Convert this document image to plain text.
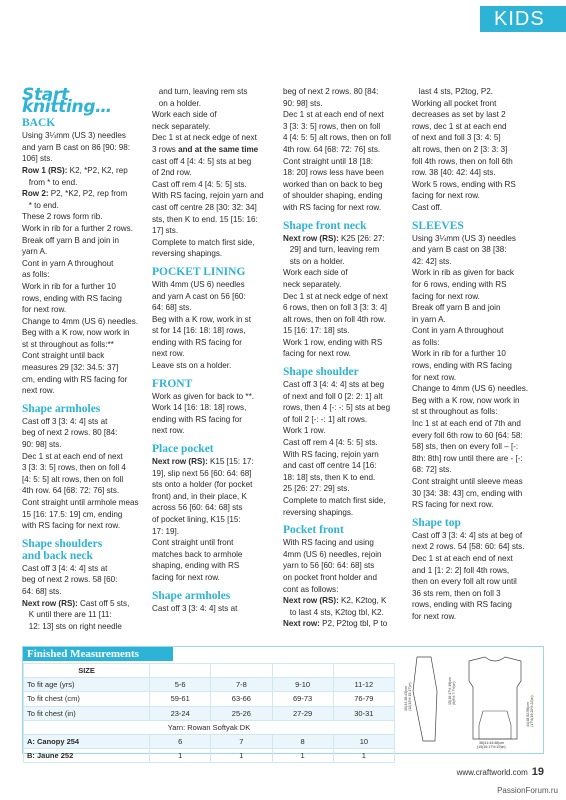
KIDS
Start knitting…
BACK

Using 3¼mm (US 3) needles
and yarn B cast on 86 [90: 98:
106] sts.

Row 1 (RS): K2, *P2, K2, rep
from * to end.

Row 2: P2, *K2, P2, rep from
* to end.

These 2 rows form rib.
Work in rib for a further 2 rows.
Break off yarn B and join in
yarn A.
Cont in yarn A throughout
as folls:
Work in rib for a further 10
rows, ending with RS facing
for next row.
Change to 4mm (US 6) needles.
Beg with a K row, now work in
st st throughout as folls:**
Cont straight until back
measures 29 [32: 34.5: 37]
cm, ending with RS facing for
next row.

Shape armholes

Cast off 3 [3: 4: 4] sts at
beg of next 2 rows. 80 [84:
90: 98] sts.
Dec 1 st at each end of next
3 [3: 3: 5] rows, then on foll 4
[4: 5: 5] alt rows, then on foll
4th row. 64 [68: 72: 76] sts.
Cont straight until armhole meas
15 [16: 17.5: 19] cm, ending
with RS facing for next row.

Shape shoulders
and back neck

Cast off 3 [4: 4: 4] sts at
beg of next 2 rows. 58 [60:
64: 68] sts.

Next row (RS): Cast off 5 sts,
K until there are 11 [11:
12: 13] sts on right needle

and turn, leaving rem sts
on a holder.
Work each side of
neck separately.
Dec 1 st at neck edge of next
3 rows and at the same time
cast off 4 [4: 4: 5] sts at beg
of 2nd row.
Cast off rem 4 [4: 5: 5] sts.
With RS facing, rejoin yarn and
cast off centre 28 [30: 32: 34]
sts, then K to end. 15 [15: 16:
17] sts.
Complete to match first side,
reversing shapings.

POCKET LINING

With 4mm (US 6) needles
and yarn A cast on 56 [60:
64: 68] sts.
Beg with a K row, work in st
st for 14 [16: 18: 18] rows,
ending with RS facing for
next row.
Leave sts on a holder.

FRONT

Work as given for back to **.
Work 14 [16: 18: 18] rows,
ending with RS facing for
next row.

Place pocket

Next row (RS): K15 [15: 17:
19], slip next 56 [60: 64: 68]
sts onto a holder (for pocket
front) and, in their place, K
across 56 [60: 64: 68] sts
of pocket lining, K15 [15:
17: 19].
Cont straight until front
matches back to armhole
shaping, ending with RS
facing for next row.

Shape armholes

Cast off 3 [3: 4: 4] sts at

beg of next 2 rows. 80 [84:
90: 98] sts.
Dec 1 st at each end of next
3 [3: 3: 5] rows, then on foll
4 [4: 5: 5] alt rows, then on foll
4th row. 64 [68: 72: 76] sts.
Cont straight until 18 [18:
18: 20] rows less have been
worked than on back to beg
of shoulder shaping, ending
with RS facing for next row.

Shape front neck

Next row (RS): K25 [26: 27:
29] and turn, leaving rem
sts on a holder.
Work each side of
neck separately.
Dec 1 st at neck edge of next
6 rows, then on foll 3 [3: 3: 4]
alt rows, then on foll 4th row.
15 [16: 17: 18] sts.
Work 1 row, ending with RS
facing for next row.

Shape shoulder

Cast off 3 [4: 4: 4] sts at beg
of next and foll 0 [2: 2: 1] alt
rows, then 4 [-: -: 5] sts at beg
of foll 2 [-: -: 1] alt rows.
Work 1 row.
Cast off rem 4 [4: 5: 5] sts.
With RS facing, rejoin yarn
and cast off centre 14 [16:
18: 18] sts, then K to end.
25 [26: 27: 29] sts.
Complete to match first side,
reversing shapings.

Pocket front

With RS facing and using
4mm (US 6) needles, rejoin
yarn to 56 [60: 64: 68] sts
on pocket front holder and
cont as follows:

Next row (RS): K2, K2tog, K
to last 4 sts, K2tog tbl, K2.

Next row: P2, P2tog tbl, P to

last 4 sts, P2tog, P2.
Working all pocket front
decreases as set by last 2
rows, dec 1 st at each end
of next and foll 3 [3: 4: 5]
alt rows, then on 2 [3: 3: 3]
foll 4th rows, then on foll 6th
row. 38 [40: 42: 44] sts.
Work 5 rows, ending with RS
facing for next row.
Cast off.

SLEEVES

Using 3¼mm (US 3) needles
and yarn B cast on 38 [38:
42: 42] sts.
Work in rib as given for back
for 6 rows, ending with RS
facing for next row.
Break off yarn B and join
in yarn A.
Cont in yarn A throughout
as folls:
Work in rib for a further 10
rows, ending with RS facing
for next row.
Change to 4mm (US 6) needles.
Beg with a K row, now work in
st st throughout as folls:
Inc 1 st at each end of 7th and
every foll 6th row to 60 [64: 58:
58] sts, then on every foll – [-:
8th: 8th] row until there are - [-:
68: 72] sts.
Cont straight until sleeve meas
30 [34: 38: 43] cm, ending with
RS facing for next row.

Shape top

Cast off 3 [3: 4: 4] sts at beg of
next 2 rows. 54 [58: 60: 64] sts.
Dec 1 st at each end of next
and 1 [1: 2: 2] foll 4th rows,
then on every foll alt row until
36 sts rem, then on foll 3
rows, ending with RS facing
for next row.

Finished Measurements
SIZE				
To fit age (yrs)	5-6	7-8	9-10	11-12
To fit chest (cm)	59-61	63-66	69-73	76-79
To fit chest (in)	23-24	25-26	27-29	30-31
Yarn: Rowan Softyak DK				
A: Canopy 254	6	7	8	10
B: Jaune 252	1	1	1	1
30(34:38:43)cm (12(13½:15:17)in)	15(16:17½:19)cm (6(6½:7:7½)in)
44(48:52:56)cm (17½(19:20½:22)in)
38(41:44:48)cm
(15(16:17½:19)in)
www.craftworld.com 19
PassionForum.ru
